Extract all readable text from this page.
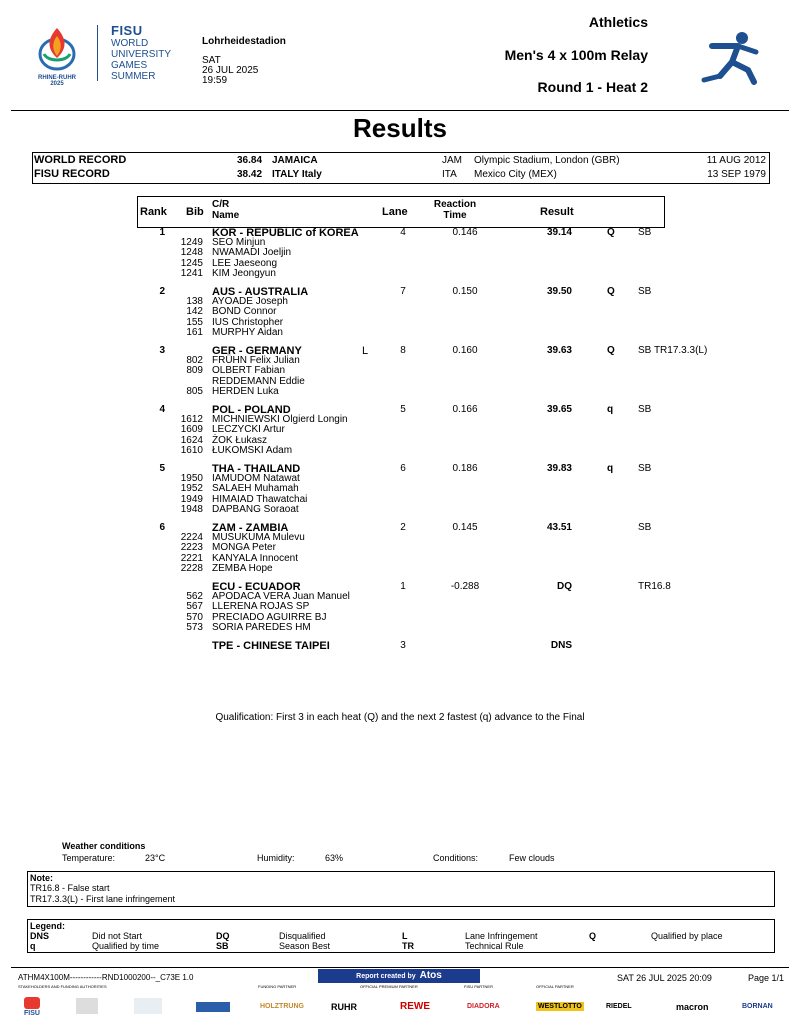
RHINE-RUHR
2025
FISU
WORLD
UNIVERSITY
GAMES
SUMMER
Lohrheidestadion
SAT
26 JUL 2025
19:59
Athletics
Men's 4 x 100m Relay
Round 1 - Heat 2
Results
WORLD RECORD	36.84 JAMAICA	JAM Olympic Stadium, London (GBR)	11 AUG 2012
FISU RECORD	38.42 ITALY Italy	ITA Mexico City (MEX)	13 SEP 1979
Rank Bib
C/R
Name	Lane
Reaction
Time	Result
1	KOR - REPUBLIC of KOREA	4	0.146	39.14	Q SB
1249 SEO Minjun
1248 NWAMADI Joeljin
1245 LEE Jaeseong
1241 KIM Jeongyun
2	AUS - AUSTRALIA	7	0.150	39.50	Q SB
138 AYOADE Joseph
142 BOND Connor
155 IUS Christopher
161 MURPHY Aidan
3	GER - GERMANY	L	8	0.160	39.63	Q SB TR17.3.3(L)
802 FRÜHN Felix Julian
809 OLBERT Fabian
REDDEMANN Eddie
805 HERDEN Luka
4	POL - POLAND	5	0.166	39.65	q SB
1612 MICHNIEWSKI Olgierd Longin
1609 LECZYCKI Artur
1624 ŻOK Łukasz
1610 ŁUKOMSKI Adam
5	THA - THAILAND	6	0.186	39.83	q SB
1950 IAMUDOM Natawat
1952 SALAEH Muhamah
1949 HIMAIAD Thawatchai
1948 DAPBANG Soraoat
6	ZAM - ZAMBIA	2	0.145	43.51	SB
2224 MUSUKUMA Mulevu
2223 MONGA Peter
2221 KANYALA Innocent
2228 ZEMBA Hope
ECU - ECUADOR	1	-0.288	DQ	TR16.8
562 APODACA VERA Juan Manuel
567 LLERENA ROJAS SP
570 PRECIADO AGUIRRE BJ
573 SORIA PAREDES HM
TPE - CHINESE TAIPEI	3	DNS
Qualification: First 3 in each heat (Q) and the next 2 fastest (q) advance to the Final
Weather conditions
Temperature:	23°C	Humidity:	63%	Conditions:	Few clouds
Note:
TR16.8 - False start
TR17.3.3(L) - First lane infringement
Legend:
DNS	Did not Start	DQ	Disqualified	L	Lane Infringement	Q	Qualified by place
q	Qualified by time	SB	Season Best	TR	Technical Rule
ATHM4X100M------------RND1000200--_C73E 1.0	Report created by Atos	SAT 26 JUL 2025 20:09	Page 1/1
STAKEHOLDERS AND FUNDING AUTHORITIES	FUNDING PARTNER	OFFICIAL PREMIUM PARTNER	FISU PARTNER	OFFICIAL PARTNER
FISU
HOLZTRUNG	RUHR	REWE	DIADORA	WESTLOTTO	RIEDEL	macron	BORNAN
